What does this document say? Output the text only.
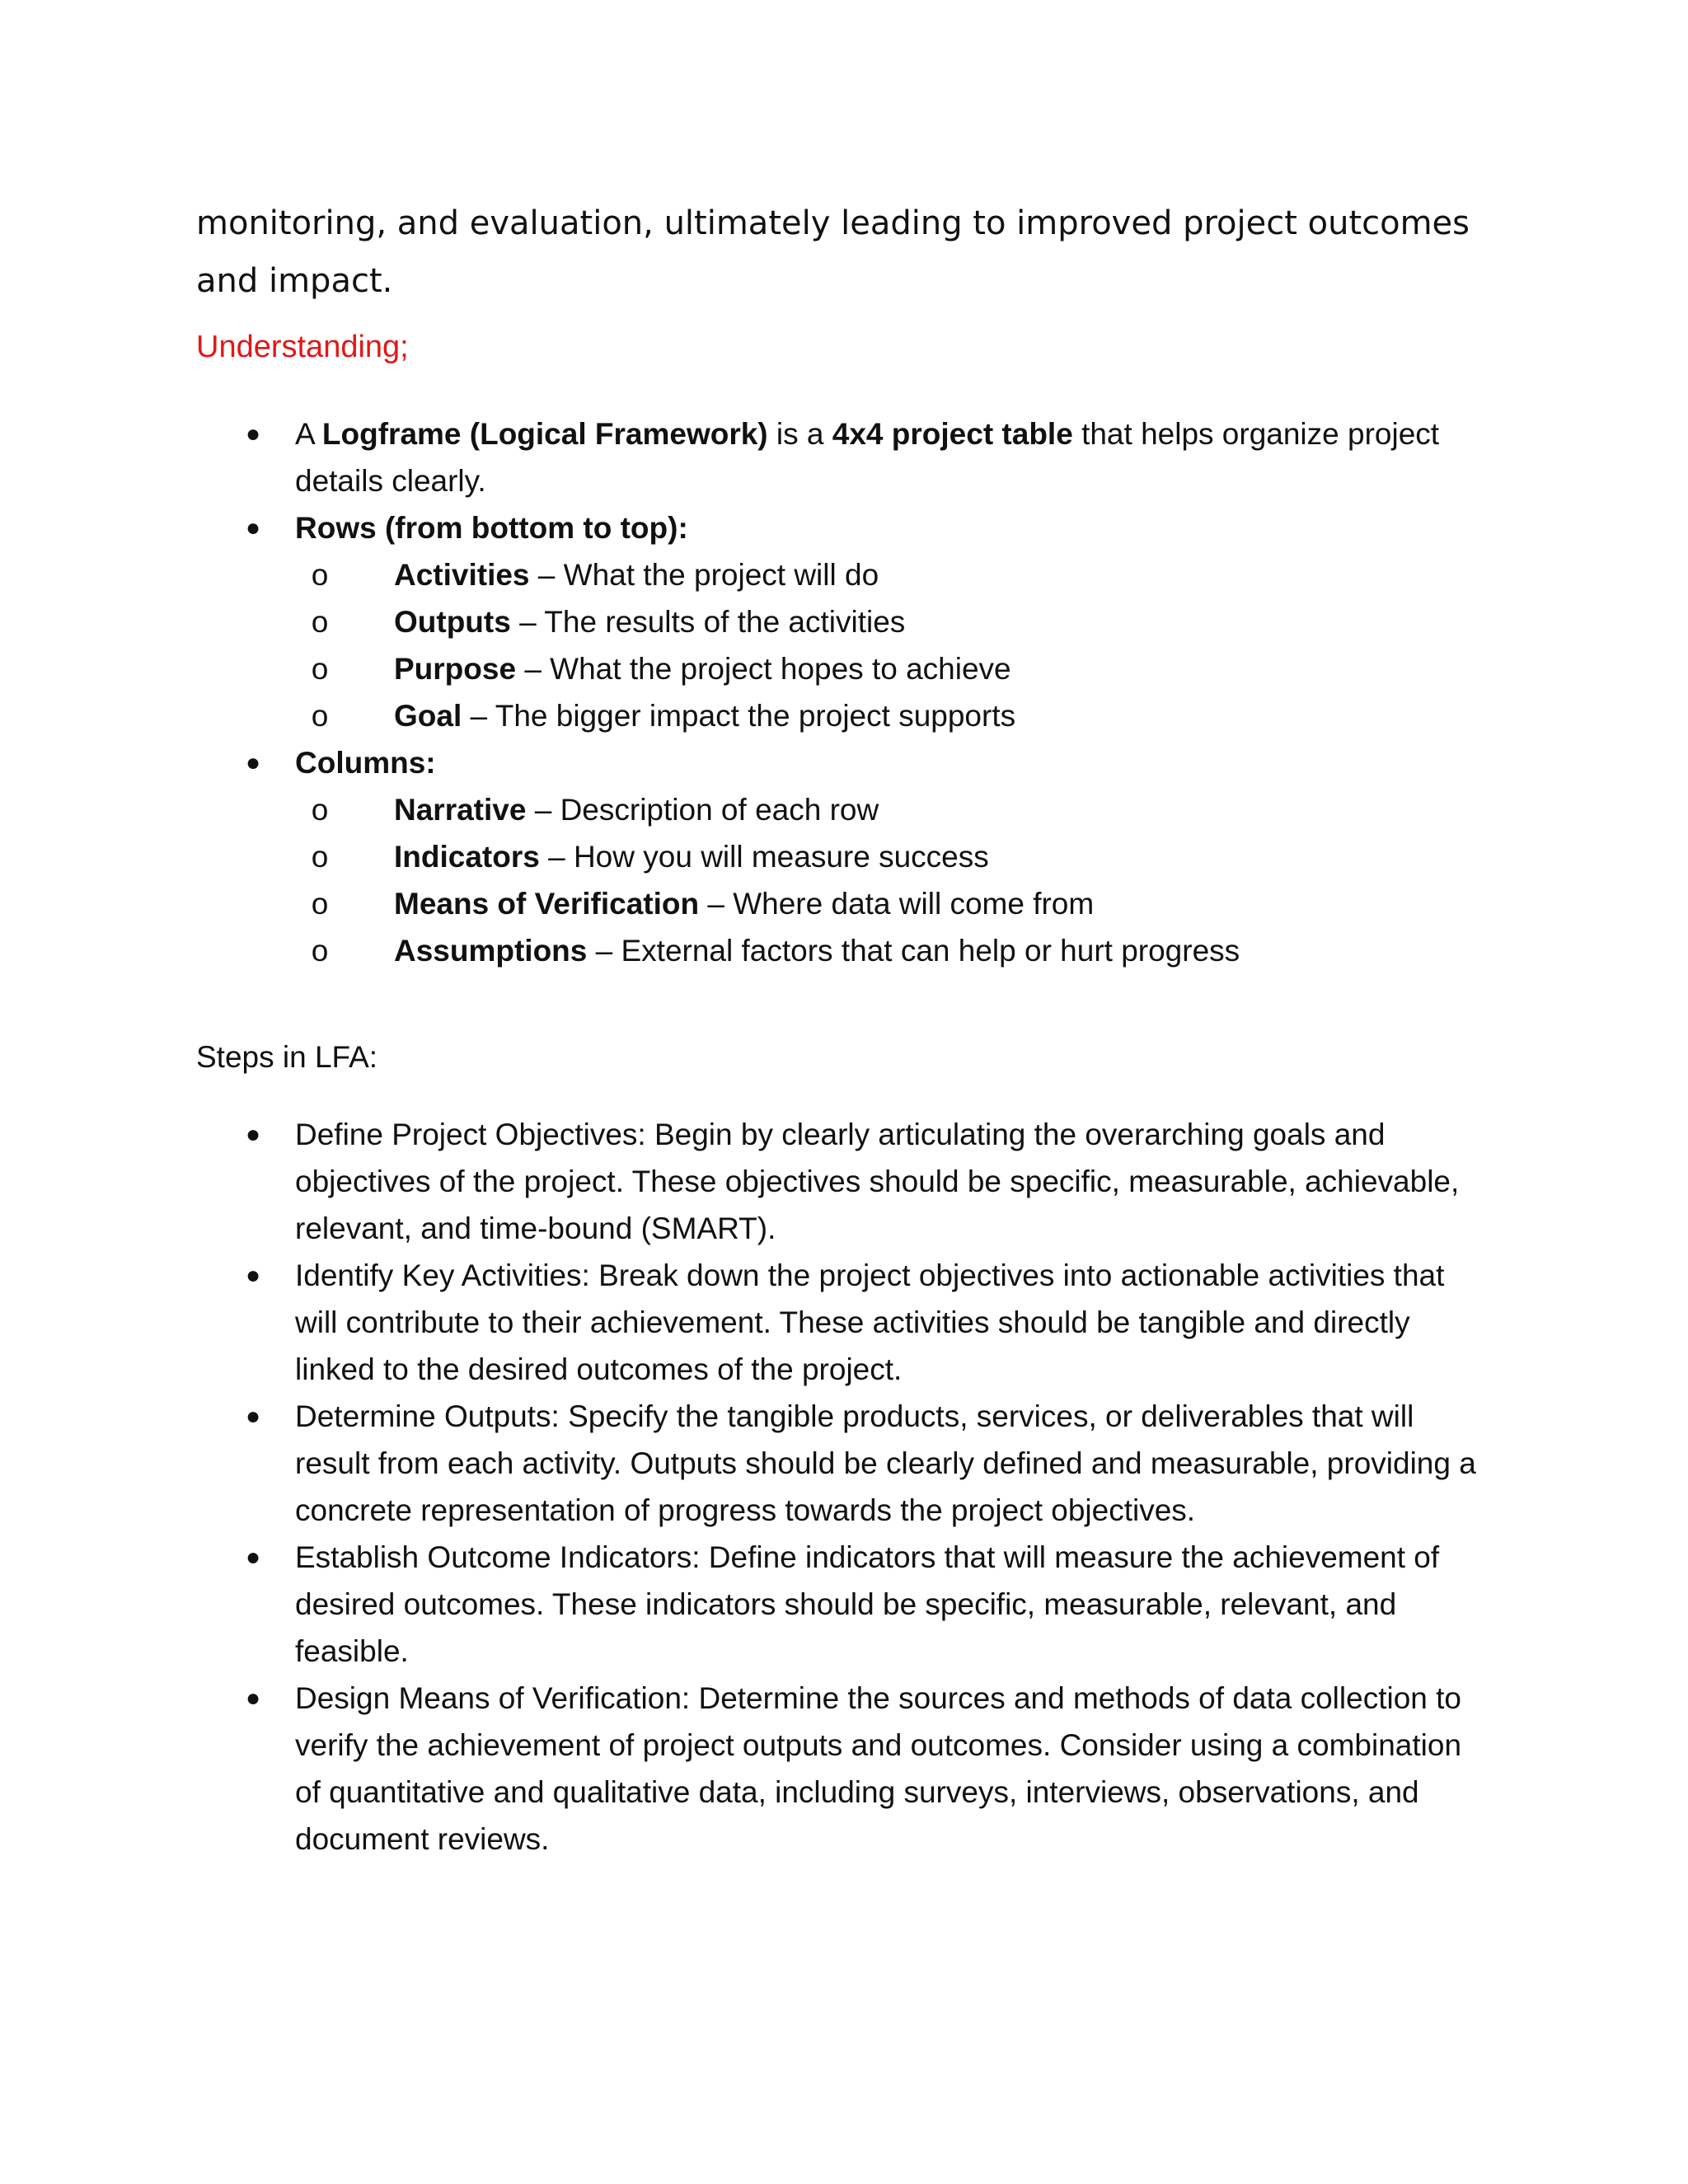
monitoring, and evaluation, ultimately leading to improved project outcomes and impact.
Understanding;
● A Logframe (Logical Framework) is a 4x4 project table that helps organize project details clearly.
● Rows (from bottom to top):
o	Activities – What the project will do
o	Outputs – The results of the activities
o	Purpose – What the project hopes to achieve
o	Goal – The bigger impact the project supports
● Columns:
o	Narrative – Description of each row
o	Indicators – How you will measure success
o	Means of Verification – Where data will come from
o	Assumptions – External factors that can help or hurt progress
Steps in LFA:
● Define Project Objectives: Begin by clearly articulating the overarching goals and objectives of the project. These objectives should be specific, measurable, achievable, relevant, and time-bound (SMART).
● Identify Key Activities: Break down the project objectives into actionable activities that will contribute to their achievement. These activities should be tangible and directly linked to the desired outcomes of the project.
● Determine Outputs: Specify the tangible products, services, or deliverables that will result from each activity. Outputs should be clearly defined and measurable, providing a concrete representation of progress towards the project objectives.
● Establish Outcome Indicators: Define indicators that will measure the achievement of desired outcomes. These indicators should be specific, measurable, relevant, and feasible.
● Design Means of Verification: Determine the sources and methods of data collection to verify the achievement of project outputs and outcomes. Consider using a combination of quantitative and qualitative data, including surveys, interviews, observations, and document reviews.
